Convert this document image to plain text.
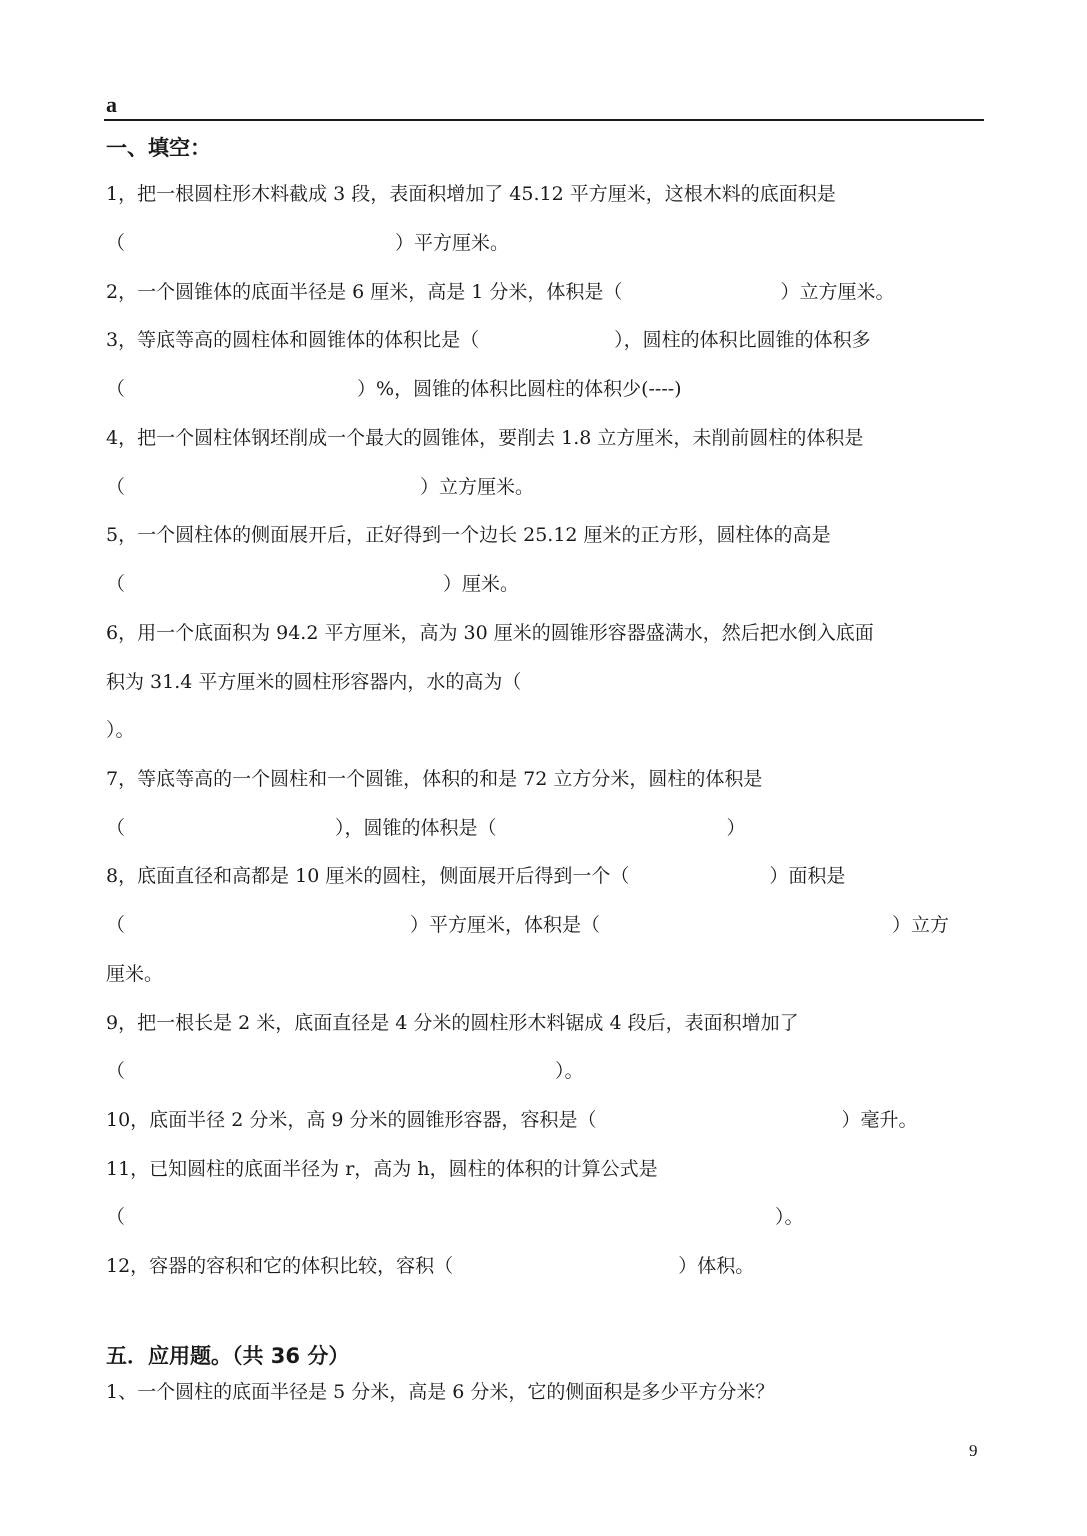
a
一、填空：
1，把一根圆柱形木料截成 3 段，表面积增加了 45.12 平方厘米，这根木料的底面积是
（	）平方厘米。
2，一个圆锥体的底面半径是 6 厘米，高是 1 分米，体积是（	）立方厘米。
3，等底等高的圆柱体和圆锥体的体积比是（	），圆柱的体积比圆锥的体积多
（	）%，圆锥的体积比圆柱的体积少(----)
4，把一个圆柱体钢坯削成一个最大的圆锥体，要削去 1.8 立方厘米，未削前圆柱的体积是
（	）立方厘米。
5，一个圆柱体的侧面展开后，正好得到一个边长 25.12 厘米的正方形，圆柱体的高是
（	）厘米。
6，用一个底面积为 94.2 平方厘米，高为 30 厘米的圆锥形容器盛满水，然后把水倒入底面
积为 31.4 平方厘米的圆柱形容器内，水的高为（
）。
7，等底等高的一个圆柱和一个圆锥，体积的和是 72 立方分米，圆柱的体积是
（	），圆锥的体积是（	）
8，底面直径和高都是 10 厘米的圆柱，侧面展开后得到一个（	）面积是
（	）平方厘米，体积是（	）立方
厘米。
9，把一根长是 2 米，底面直径是 4 分米的圆柱形木料锯成 4 段后，表面积增加了
（	）。
10，底面半径 2 分米，高 9 分米的圆锥形容器，容积是（	）毫升。
11，已知圆柱的底面半径为 r，高为 h，圆柱的体积的计算公式是
（	）。
12，容器的容积和它的体积比较，容积（	）体积。
五．应用题。（共 36 分）
1、一个圆柱的底面半径是 5 分米，高是 6 分米，它的侧面积是多少平方分米？
9
